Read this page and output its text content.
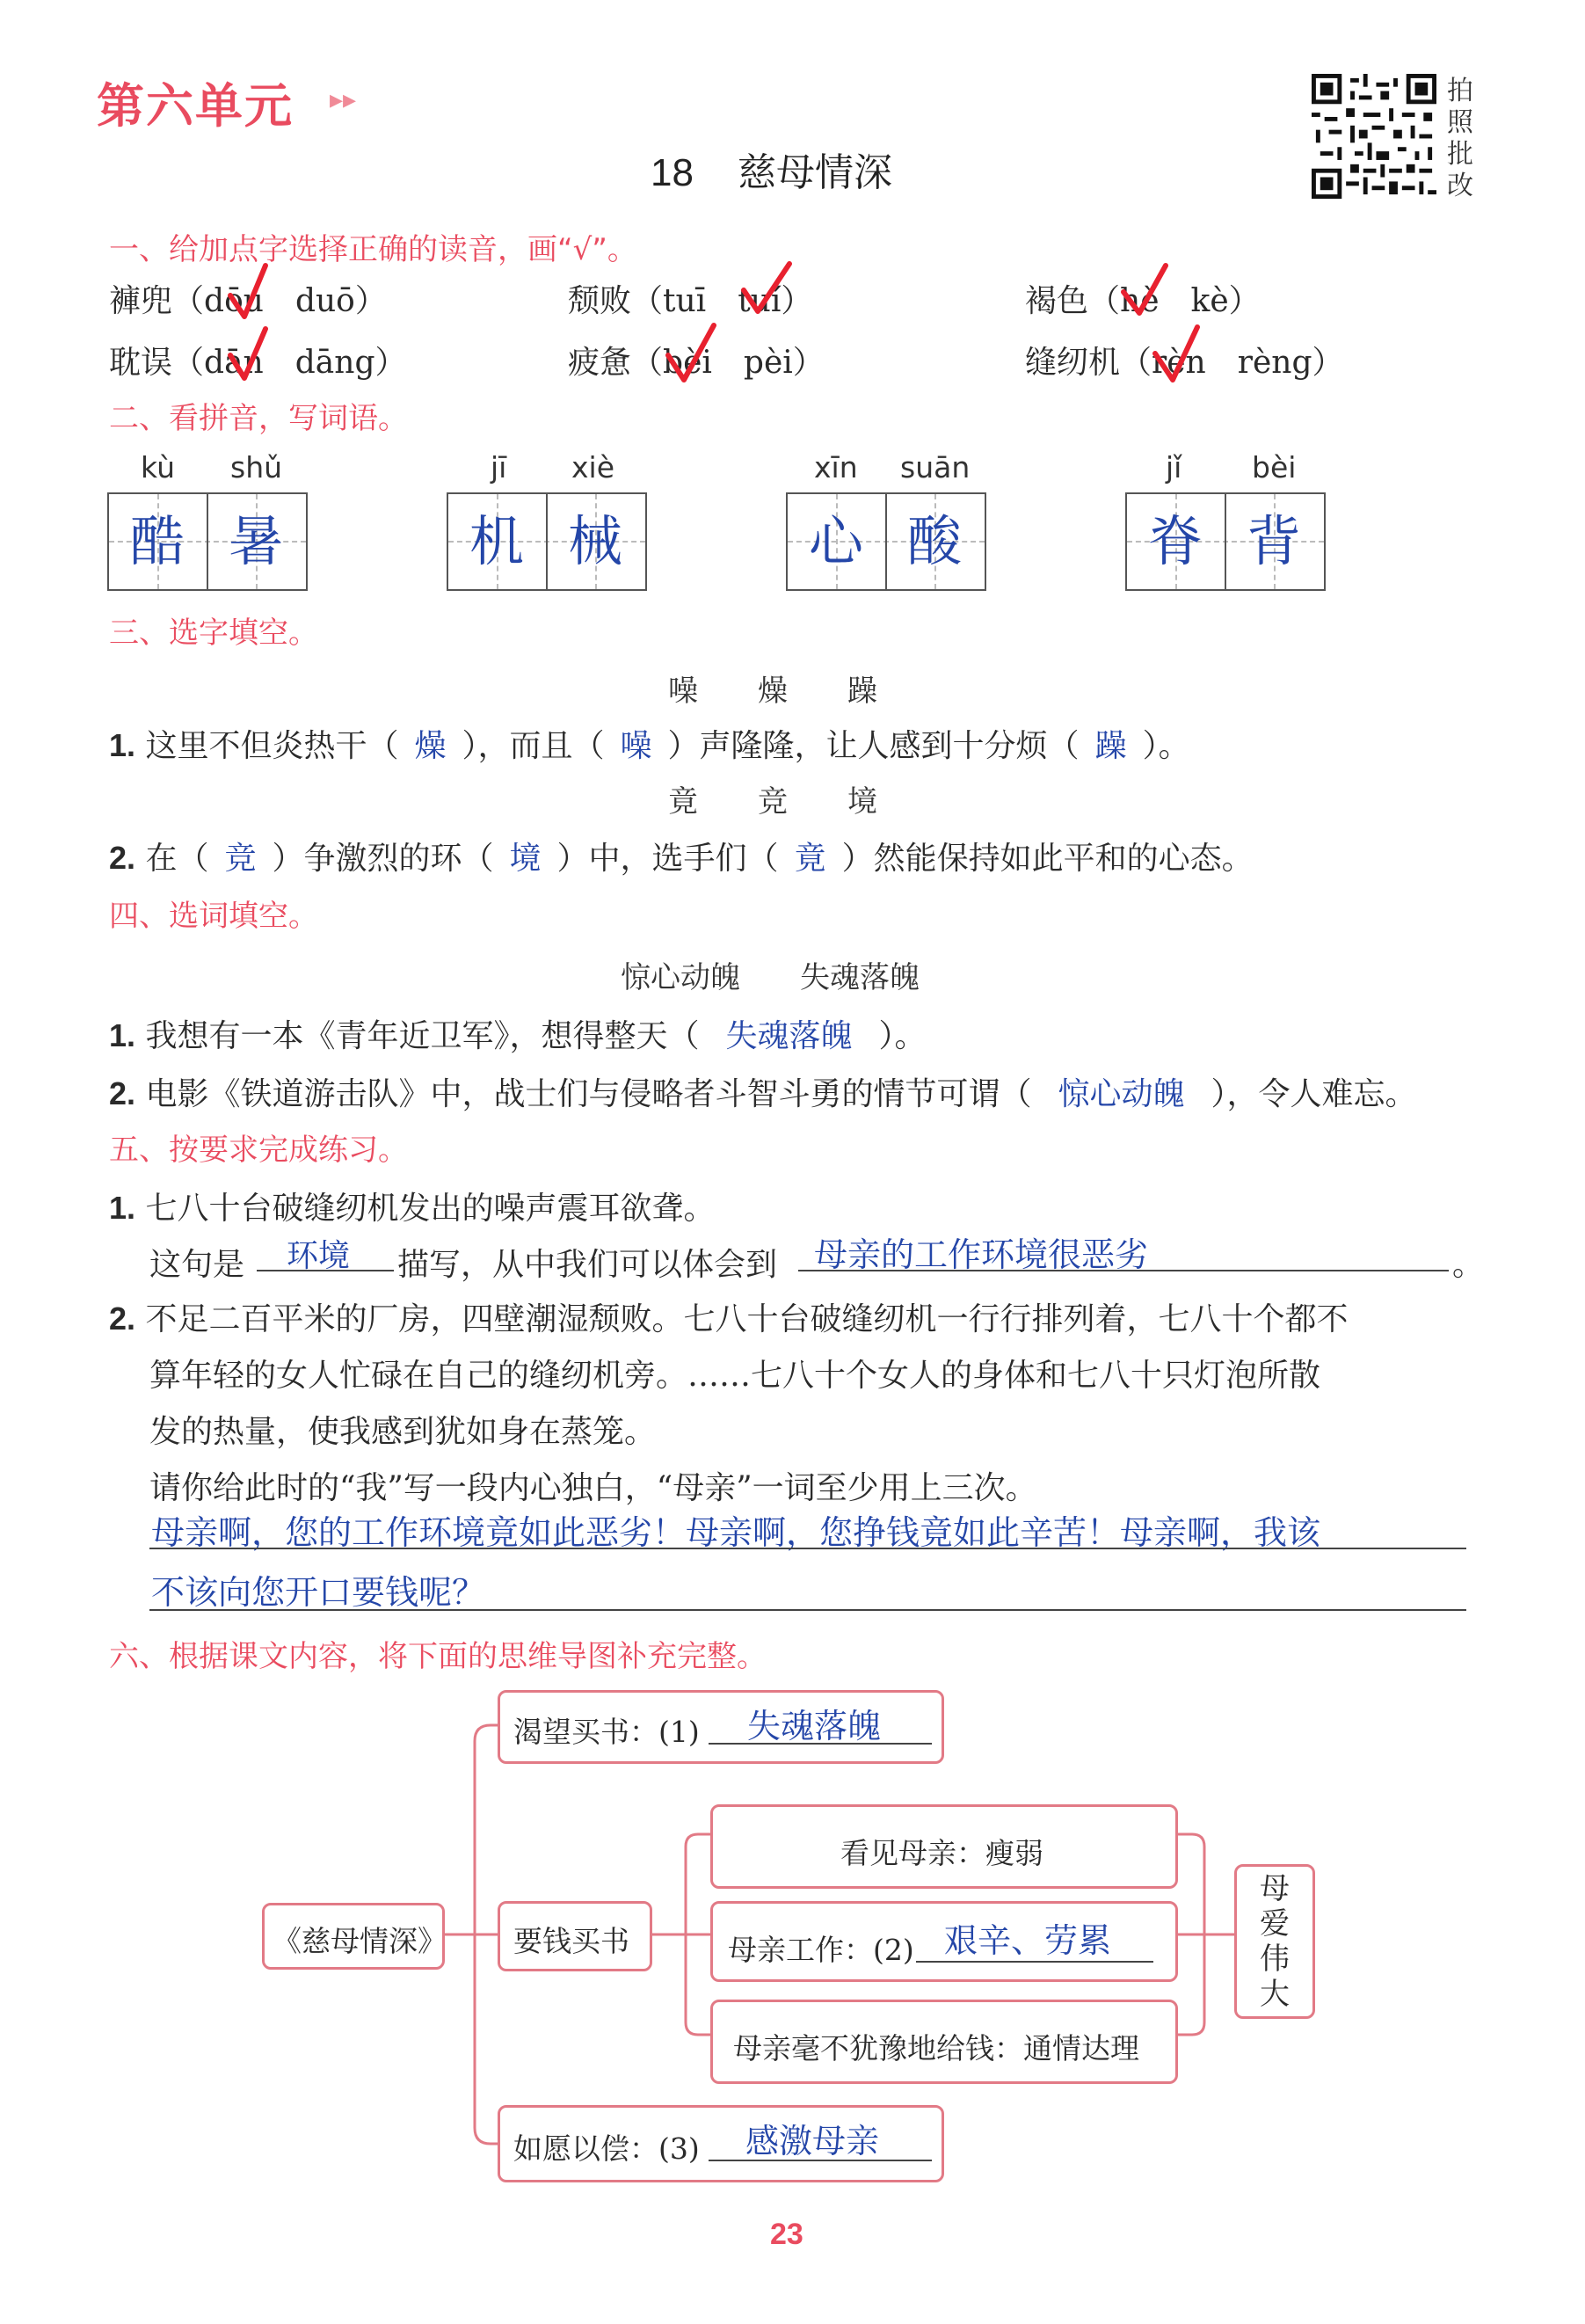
第六单元 ▸▸
18 慈母情深
拍
照
批
改
一、给加点字选择正确的读音，画“√”。
褲兜（dōu　 duō）	颓败（tuī　 tuí）	褐色（hè　 kè）
耽误（dān　 dāng）	疲惫（bèi　 pèi）	缝纫机（rèn　 rèng）
二、看拼音，写词语。
kù shǔ
酷 暑
jī xiè
机 械
xīn suān
心 酸
jǐ bèi
脊 背
三、选字填空。
噪　　燥　　躁
1. 这里不但炎热干（ 燥 ），而且（ 噪 ）声隆隆，让人感到十分烦（ 躁 ）。
竟　　竞　　境
2. 在（ 竞 ）争激烈的环（ 境 ）中，选手们（ 竟 ）然能保持如此平和的心态。
四、选词填空。
惊心动魄　　失魂落魄
1. 我想有一本《青年近卫军》，想得整天（ 失魂落魄 ）。
2. 电影《铁道游击队》中，战士们与侵略者斗智斗勇的情节可谓（ 惊心动魄 ），令人难忘。
五、按要求完成练习。
1. 七八十台破缝纫机发出的噪声震耳欲聋。
这句是 环境 描写，从中我们可以体会到 母亲的工作环境很恶劣	。
2. 不足二百平米的厂房，四壁潮湿颓败。七八十台破缝纫机一行行排列着，七八十个都不
算年轻的女人忙碌在自己的缝纫机旁。……七八十个女人的身体和七八十只灯泡所散
发的热量，使我感到犹如身在蒸笼。
请你给此时的“我”写一段内心独白，“母亲”一词至少用上三次。
母亲啊，您的工作环境竟如此恶劣！母亲啊，您挣钱竟如此辛苦！母亲啊，我该
不该向您开口要钱呢？
六、根据课文内容，将下面的思维导图补充完整。
《慈母情深》
渴望买书：(1) 失魂落魄
要钱买书
看见母亲：瘦弱
母亲工作：(2) 艰辛、劳累
母亲毫不犹豫地给钱：通情达理
如愿以偿：(3) 感激母亲
母
爱
伟
大
23
